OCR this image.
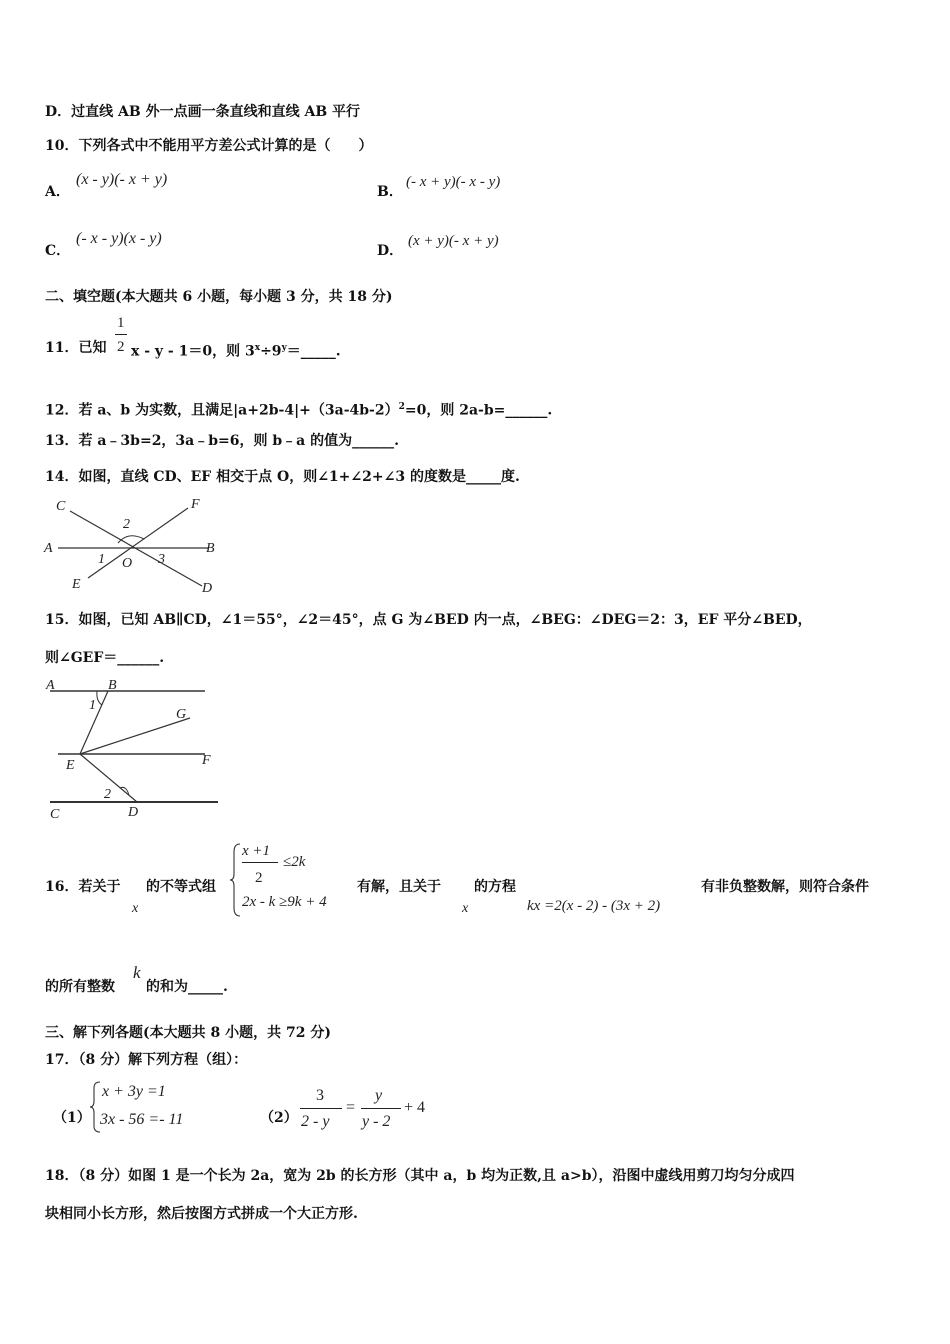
D．过直线 AB 外一点画一条直线和直线 AB 平行
10．下列各式中不能用平方差公式计算的是（　　）
A．
(x - y)(- x + y)
B．
(- x + y)(- x - y)
C．
(- x - y)(x - y)
D．
(x + y)(- x + y)
二、填空题(本大题共 6 小题，每小题 3 分，共 18 分)
11．已知
1
2 x - y - 1＝0，则 $3^x\div 9^y=\_\_\_\_\_$.
12．若 a、b 为实数，且满足$|a+2b-4|+(3a-4b-2)^2=0$，则 2a-b=______.
13．若 a﹣3b=2，3a﹣b=6，则 b﹣a 的值为______.
14．如图，直线 CD、EF 相交于点 O，则∠1+∠2+∠3 的度数是_____度.
C	F
A	B
E	D
O
1
2
3
15．如图，已知 AB∥CD，∠1＝55°，∠2＝45°，点 G 为∠BED 内一点，∠BEG：∠DEG＝2：3，EF 平分∠BED，
则∠GEF＝______.
A	B
1
G
E	F
2
C	D
16．若关于
x
的不等式组
x +1
2
≤2k
2x - k ≥9k + 4
有解，且关于
x
的方程
kx =2(x - 2) - (3x + 2)
有非负整数解，则符合条件
的所有整数
k
的和为_____.
三、解下列各题(本大题共 8 小题，共 72 分)
17．（8 分）解下列方程（组）：
（1）
x + 3y =1
3x - 56 =- 11	（2）
3
2 - y
=
y
y - 2
+ 4
18．（8 分）如图 1 是一个长为 2a，宽为 2b 的长方形（其中 a，b 均为正数,且 a>b），沿图中虚线用剪刀均匀分成四
块相同小长方形，然后按图方式拼成一个大正方形.
